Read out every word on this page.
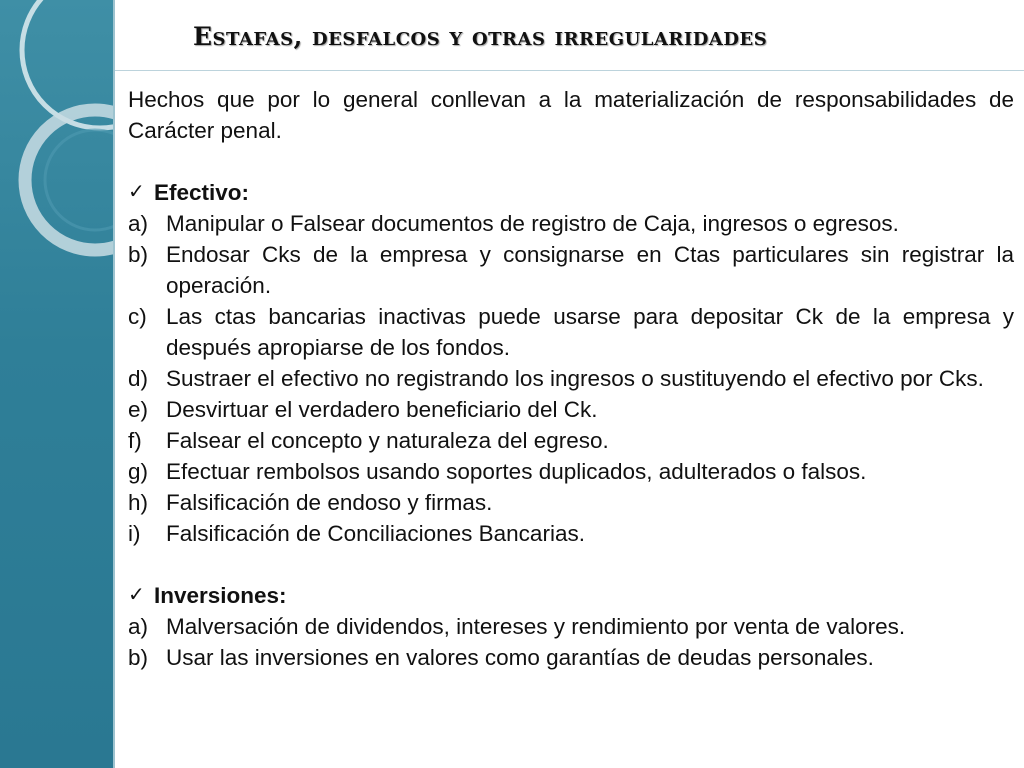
Estafas, desfalcos y otras irregularidades

Hechos que por lo general conllevan a la materialización de responsabilidades de Carácter penal.

✓ Efectivo:
a) Manipular o Falsear documentos de registro de Caja, ingresos o egresos.
b) Endosar Cks de la empresa y consignarse en Ctas particulares sin registrar la operación.
c) Las ctas bancarias inactivas puede usarse para depositar Ck de la empresa y después apropiarse de los fondos.
d) Sustraer el efectivo no registrando los ingresos o sustituyendo el efectivo por Cks.
e) Desvirtuar el verdadero beneficiario del Ck.
f)	Falsear el concepto y naturaleza del egreso.
g) Efectuar rembolsos usando soportes duplicados, adulterados o falsos.
h) Falsificación de endoso y firmas.
i)	Falsificación de Conciliaciones Bancarias.
✓ Inversiones:
a) Malversación de dividendos, intereses y rendimiento por venta de valores.
b) Usar las inversiones en valores como garantías de deudas personales.
